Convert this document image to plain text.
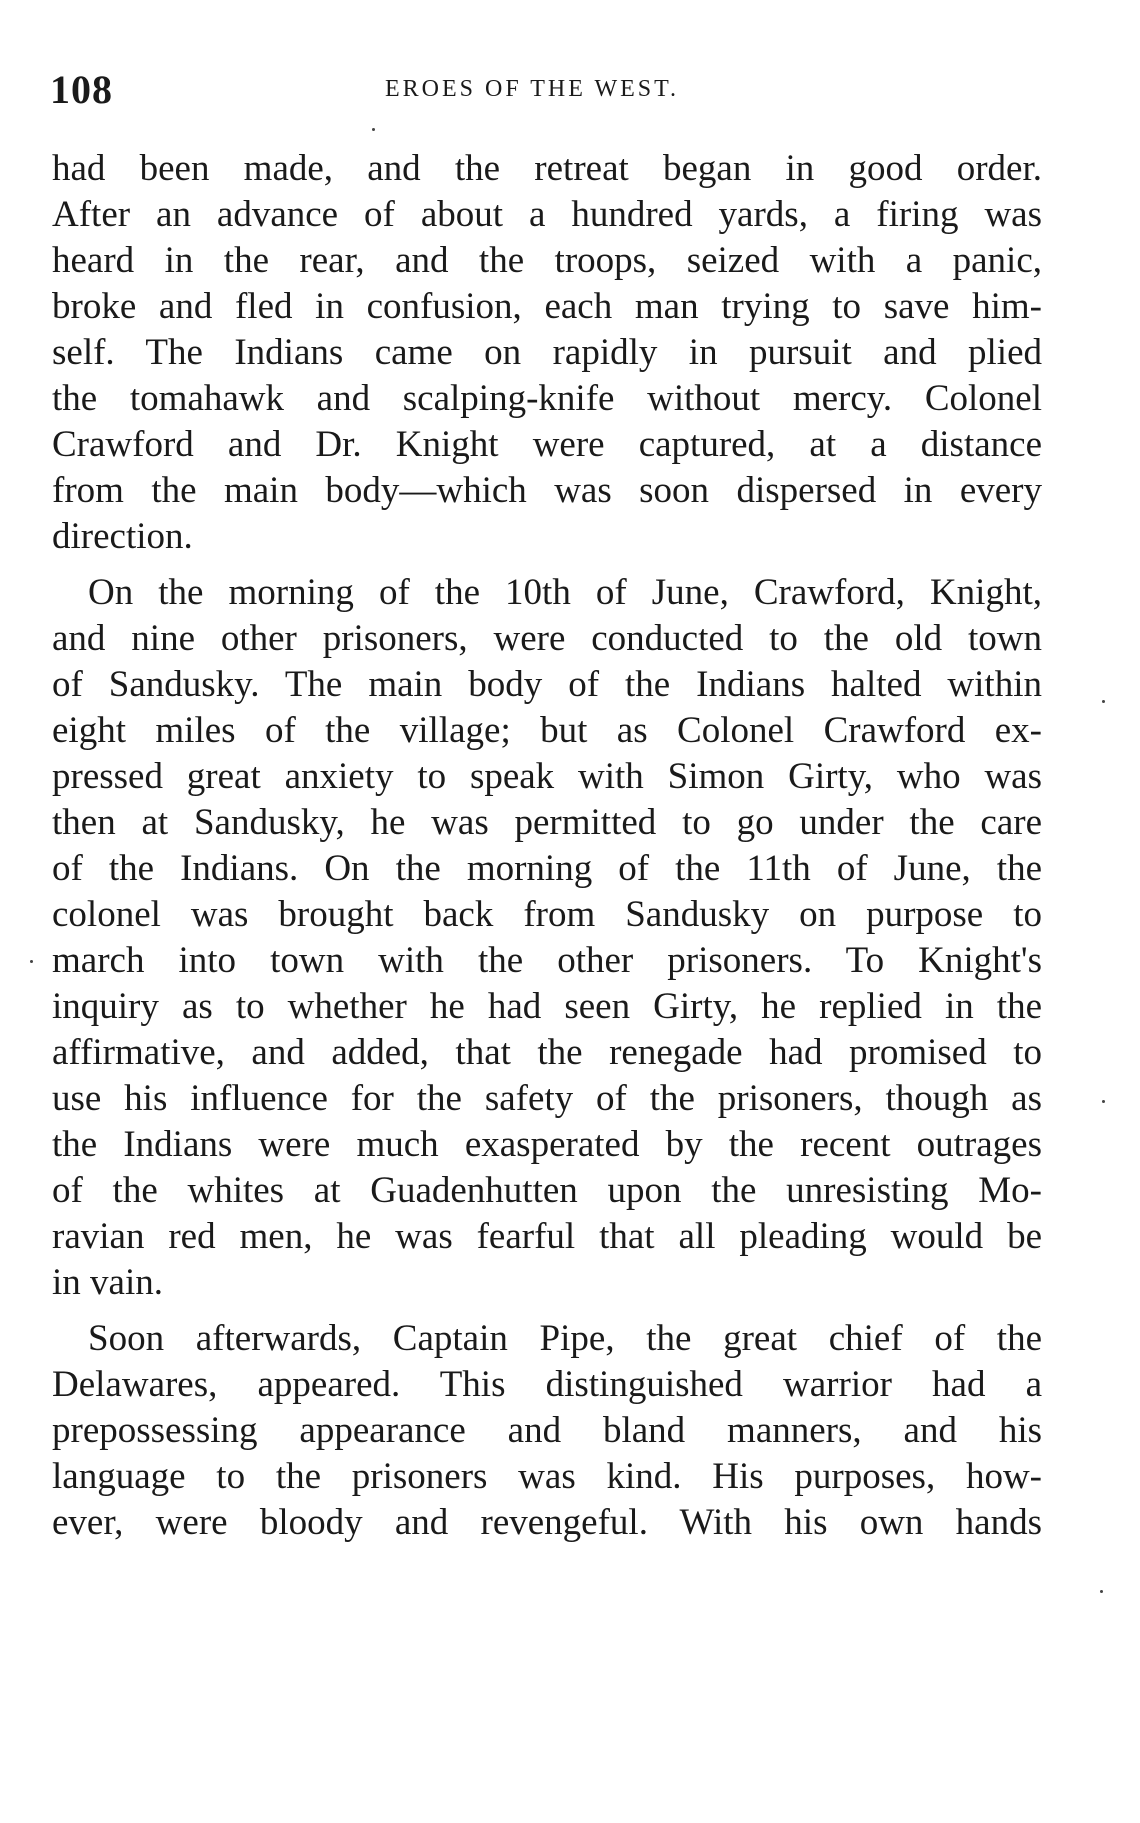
108	EROES OF THE WEST.
had been made, and the retreat began in good order.
After an advance of about a hundred yards, a firing was
heard in the rear, and the troops, seized with a panic,
broke and fled in confusion, each man trying to save him-
self. The Indians came on rapidly in pursuit and plied
the tomahawk and scalping-knife without mercy. Colonel
Crawford and Dr. Knight were captured, at a distance
from the main body—which was soon dispersed in every
direction.
On the morning of the 10th of June, Crawford, Knight,
and nine other prisoners, were conducted to the old town
of Sandusky. The main body of the Indians halted within
eight miles of the village; but as Colonel Crawford ex-
pressed great anxiety to speak with Simon Girty, who was
then at Sandusky, he was permitted to go under the care
of the Indians. On the morning of the 11th of June, the
colonel was brought back from Sandusky on purpose to
march into town with the other prisoners. To Knight's
inquiry as to whether he had seen Girty, he replied in the
affirmative, and added, that the renegade had promised to
use his influence for the safety of the prisoners, though as
the Indians were much exasperated by the recent outrages
of the whites at Guadenhutten upon the unresisting Mo-
ravian red men, he was fearful that all pleading would be
in vain.
Soon afterwards, Captain Pipe, the great chief of the
Delawares, appeared. This distinguished warrior had a
prepossessing appearance and bland manners, and his
language to the prisoners was kind. His purposes, how-
ever, were bloody and revengeful. With his own hands
